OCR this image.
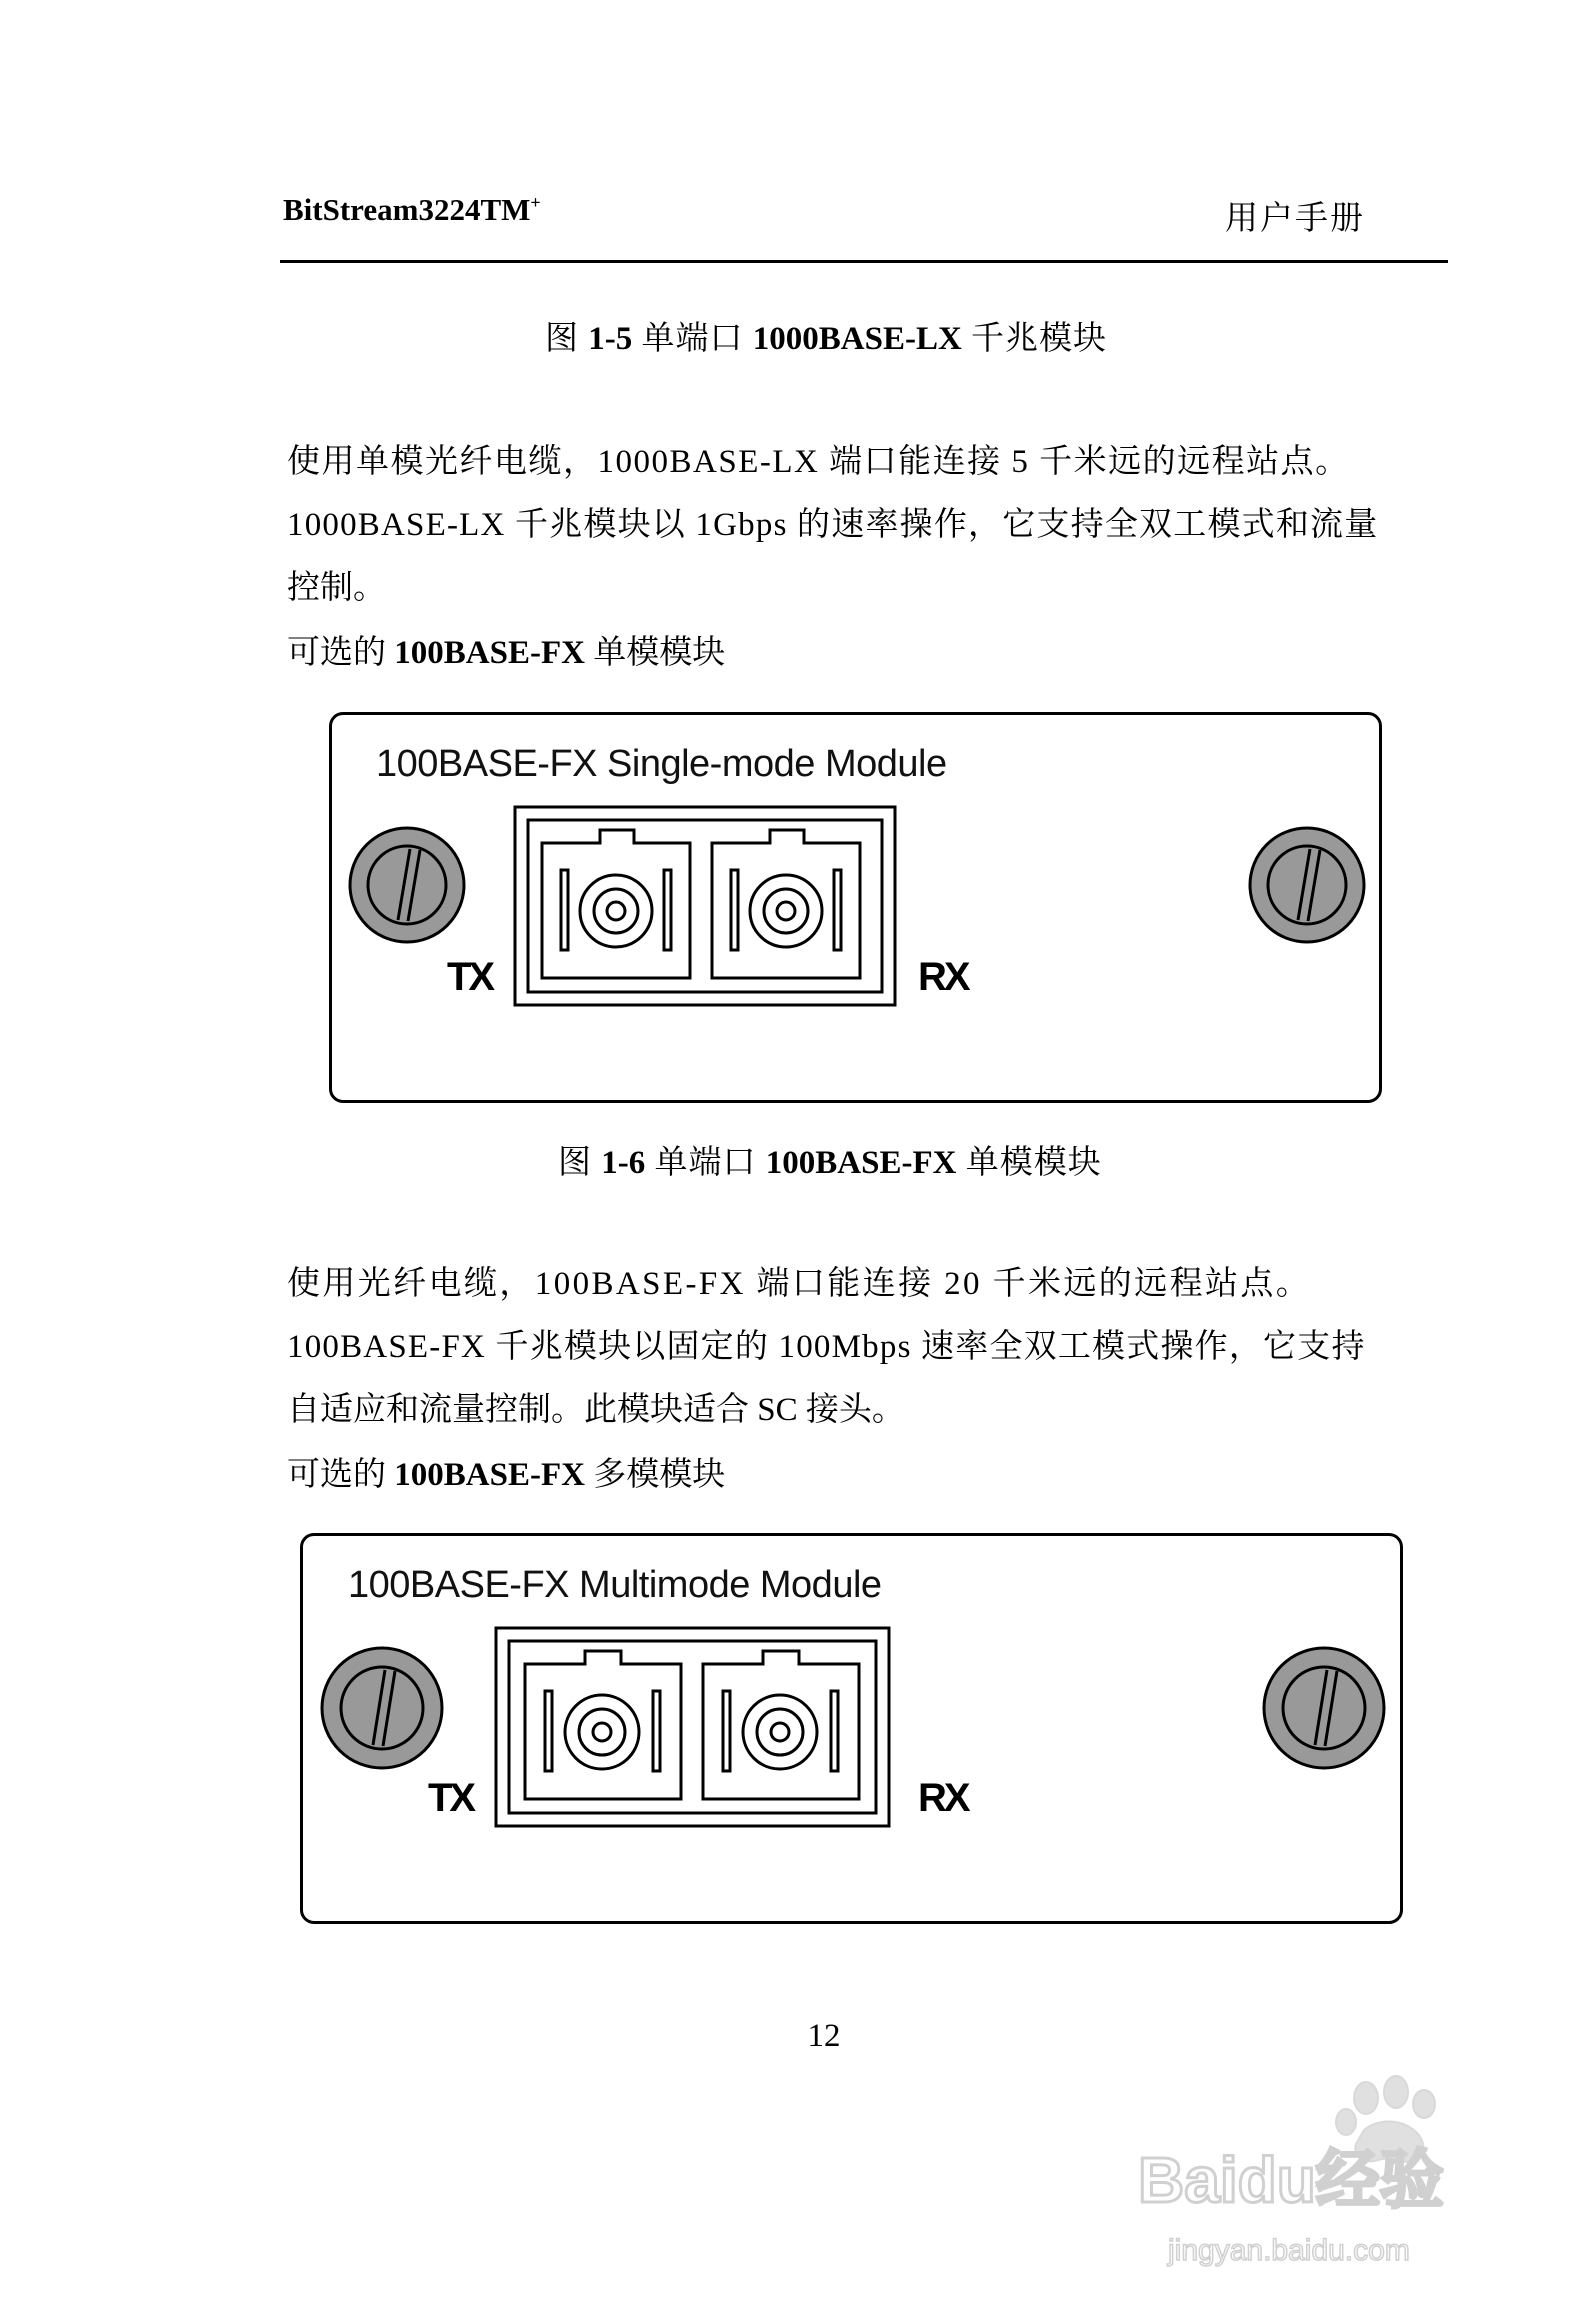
BitStream3224TM+	用户手册
图 1-5 单端口 1000BASE-LX 千兆模块

使用单模光纤电缆，1000BASE-LX 端口能连接 5 千米远的远程站点。

1000BASE-LX 千兆模块以 1Gbps 的速率操作，它支持全双工模式和流量

控制。

可选的 100BASE-FX 单模模块
100BASE-FX Single-mode Module
TX	RX
图 1-6 单端口 100BASE-FX 单模模块

使用光纤电缆，100BASE-FX 端口能连接 20 千米远的远程站点。

100BASE-FX 千兆模块以固定的 100Mbps 速率全双工模式操作，它支持

自适应和流量控制。此模块适合 SC 接头。

可选的 100BASE-FX 多模模块
100BASE-FX Multimode Module
TX	RX
12
Baidu经验
jingyan.baidu.com
